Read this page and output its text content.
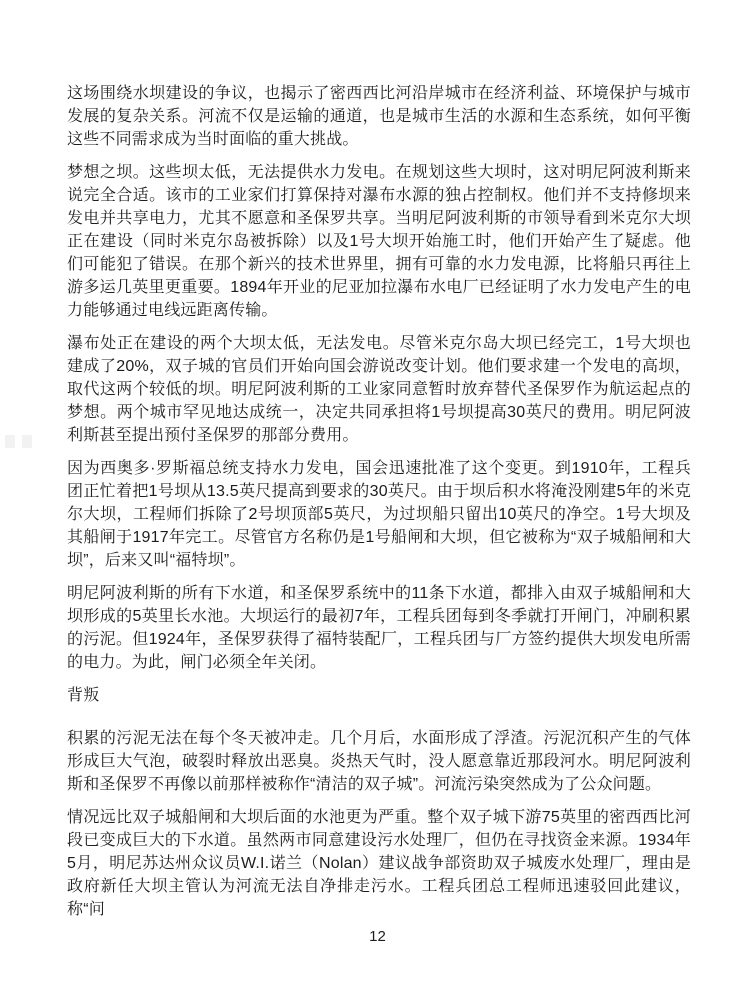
这场围绕水坝建设的争议，也揭示了密西西比河沿岸城市在经济利益、环境保护与城市发展的复杂关系。河流不仅是运输的通道，也是城市生活的水源和生态系统，如何平衡这些不同需求成为当时面临的重大挑战。

梦想之坝。这些坝太低，无法提供水力发电。在规划这些大坝时，这对明尼阿波利斯来说完全合适。该市的工业家们打算保持对瀑布水源的独占控制权。他们并不支持修坝来发电并共享电力，尤其不愿意和圣保罗共享。当明尼阿波利斯的市领导看到米克尔大坝正在建设（同时米克尔岛被拆除）以及1号大坝开始施工时，他们开始产生了疑虑。他们可能犯了错误。在那个新兴的技术世界里，拥有可靠的水力发电源，比将船只再往上游多运几英里更重要。1894年开业的尼亚加拉瀑布水电厂已经证明了水力发电产生的电力能够通过电线远距离传输。

瀑布处正在建设的两个大坝太低，无法发电。尽管米克尔岛大坝已经完工，1号大坝也建成了20%，双子城的官员们开始向国会游说改变计划。他们要求建一个发电的高坝，取代这两个较低的坝。明尼阿波利斯的工业家同意暂时放弃替代圣保罗作为航运起点的梦想。两个城市罕见地达成统一，决定共同承担将1号坝提高30英尺的费用。明尼阿波利斯甚至提出预付圣保罗的那部分费用。

因为西奥多·罗斯福总统支持水力发电，国会迅速批准了这个变更。到1910年，工程兵团正忙着把1号坝从13.5英尺提高到要求的30英尺。由于坝后积水将淹没刚建5年的米克尔大坝，工程师们拆除了2号坝顶部5英尺，为过坝船只留出10英尺的净空。1号大坝及其船闸于1917年完工。尽管官方名称仍是1号船闸和大坝，但它被称为“双子城船闸和大坝”，后来又叫“福特坝”。

明尼阿波利斯的所有下水道，和圣保罗系统中的11条下水道，都排入由双子城船闸和大坝形成的5英里长水池。大坝运行的最初7年，工程兵团每到冬季就打开闸门，冲刷积累的污泥。但1924年，圣保罗获得了福特装配厂，工程兵团与厂方签约提供大坝发电所需的电力。为此，闸门必须全年关闭。

背叛

积累的污泥无法在每个冬天被冲走。几个月后，水面形成了浮渣。污泥沉积产生的气体形成巨大气泡，破裂时释放出恶臭。炎热天气时，没人愿意靠近那段河水。明尼阿波利斯和圣保罗不再像以前那样被称作“清洁的双子城”。河流污染突然成为了公众问题。

情况远比双子城船闸和大坝后面的水池更为严重。整个双子城下游75英里的密西西比河段已变成巨大的下水道。虽然两市同意建设污水处理厂，但仍在寻找资金来源。1934年5月，明尼苏达州众议员W.I.诺兰（Nolan）建议战争部资助双子城废水处理厂，理由是政府新任大坝主管认为河流无法自净排走污水。工程兵团总工程师迅速驳回此建议，称“问

12
